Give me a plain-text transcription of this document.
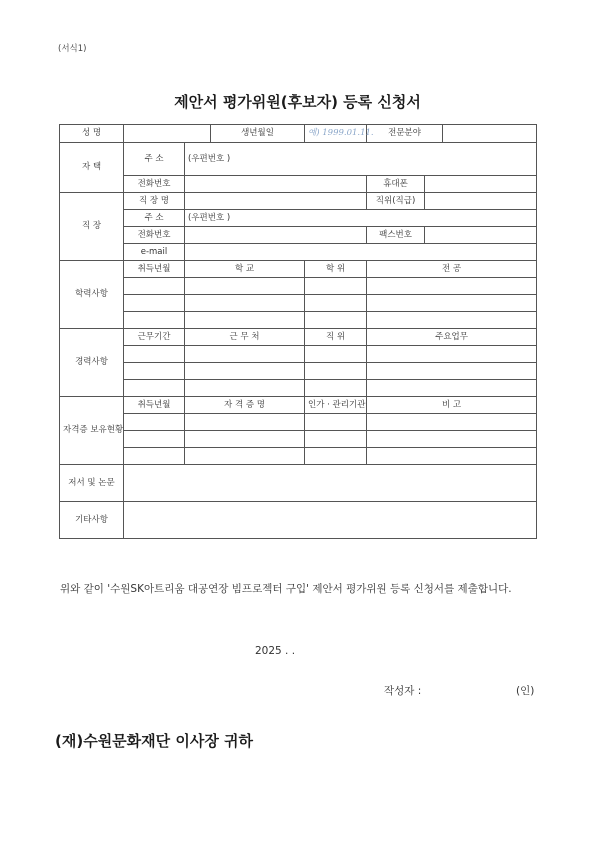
(서식1)
제안서 평가위원(후보자) 등록 신청서
성 명			생년월일	예) 1999.01.11.	전문분야		
자 택	주 소	(우편번호 )					
	전화번호				휴대폰		
직 장	직 장 명				직위(직급)		
	주 소	(우편번호 )					

	전화번호				팩스번호		
	e-mail						
학력사항	취득년월	학 교		학 위	전 공		

경력사항	근무기간	근 무 처		직 위	주요업무		

자격증 보유현황	취득년월	자 격 증 명		인가 · 관리기관	비 고		

저서 및 논문							
기타사항							
위와 같이 '수원SK아트리움 대공연장 빔프로젝터 구입' 제안서 평가위원 등록 신청서를 제출합니다.
2025 . .
작성자 :	(인)
(재)수원문화재단 이사장 귀하
